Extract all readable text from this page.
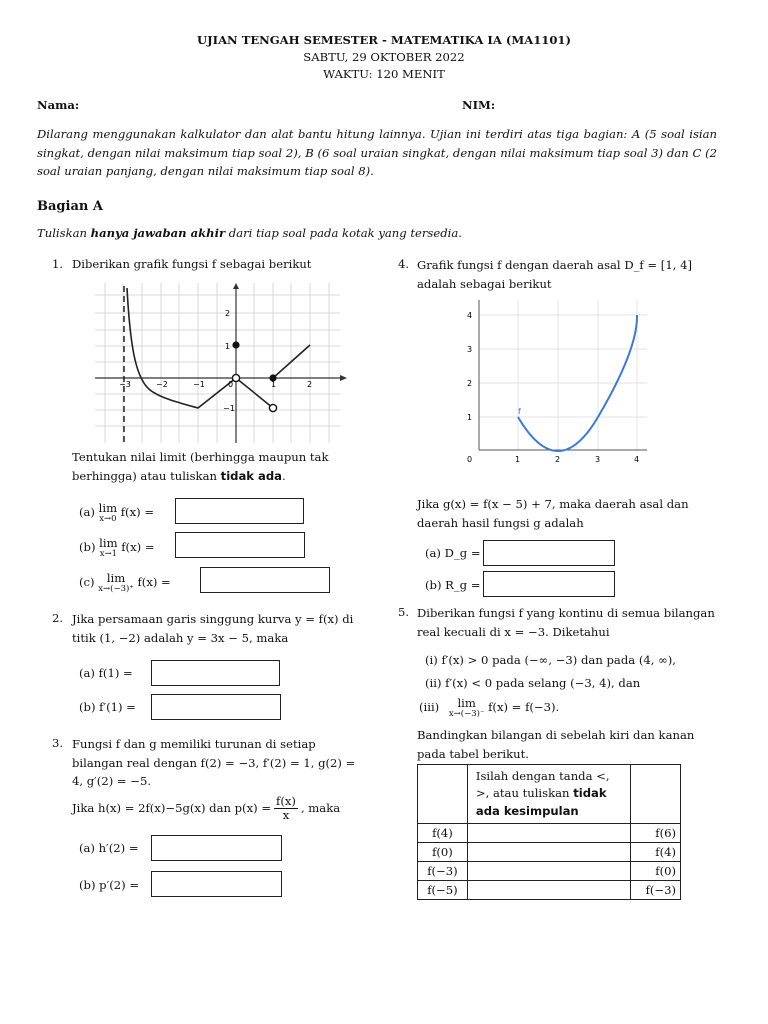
UJIAN TENGAH SEMESTER - MATEMATIKA IA (MA1101)
SABTU, 29 OKTOBER 2022
WAKTU: 120 MENIT
Nama:	NIM:
Dilarang menggunakan kalkulator dan alat bantu hitung lainnya. Ujian ini terdiri atas tiga bagian: A (5 soal isian singkat, dengan nilai maksimum tiap soal 2), B (6 soal uraian singkat, dengan nilai maksimum tiap soal 3) dan C (2 soal uraian panjang, dengan nilai maksimum tiap soal 8).
Bagian A
Tuliskan hanya jawaban akhir dari tiap soal pada kotak yang tersedia.
1. Diberikan grafik fungsi f sebagai berikut
−3	−2	−1	0	1	2
2
1
−1
Tentukan nilai limit (berhingga maupun tak berhingga) atau tuliskan tidak ada.
(a) lim
x→0 f(x) =
(b) lim
x→1 f(x) =
(c) lim
x→(−3)⁺ f(x) =
2. Jika persamaan garis singgung kurva y = f(x) di titik (1, −2) adalah y = 3x − 5, maka
(a) f(1) =
(b) f′(1) =
3. Fungsi f dan g memiliki turunan di setiap bilangan real dengan f(2) = −3, f′(2) = 1, g(2) = 4, g′(2) = −5.
Jika h(x) = 2f(x)−5g(x) dan $p(x) = \frac{f(x)}{x}$ , maka
(a) h′(2) =
(b) p′(2) =
4. Grafik fungsi f dengan daerah asal D_f = [1, 4] adalah sebagai berikut
f
0	1	2	3	4
1
2
3
4
Jika g(x) = f(x − 5) + 7, maka daerah asal dan daerah hasil fungsi g adalah
(a) D_g =
(b) R_g =
5. Diberikan fungsi f yang kontinu di semua bilangan real kecuali di x = −3. Diketahui
(i) f′(x) > 0 pada (−∞, −3) dan pada (4, ∞),
(ii) f′(x) < 0 pada selang (−3, 4), dan
(iii) lim
x→(−3)⁻ f(x) = f(−3).
Bandingkan bilangan di sebelah kiri dan kanan pada tabel berikut.
	Isilah dengan tanda <, >, atau tuliskan tidak ada kesimpulan	
f(4)		f(6)
f(0)		f(4)
f(−3)		f(0)
f(−5)		f(−3)
